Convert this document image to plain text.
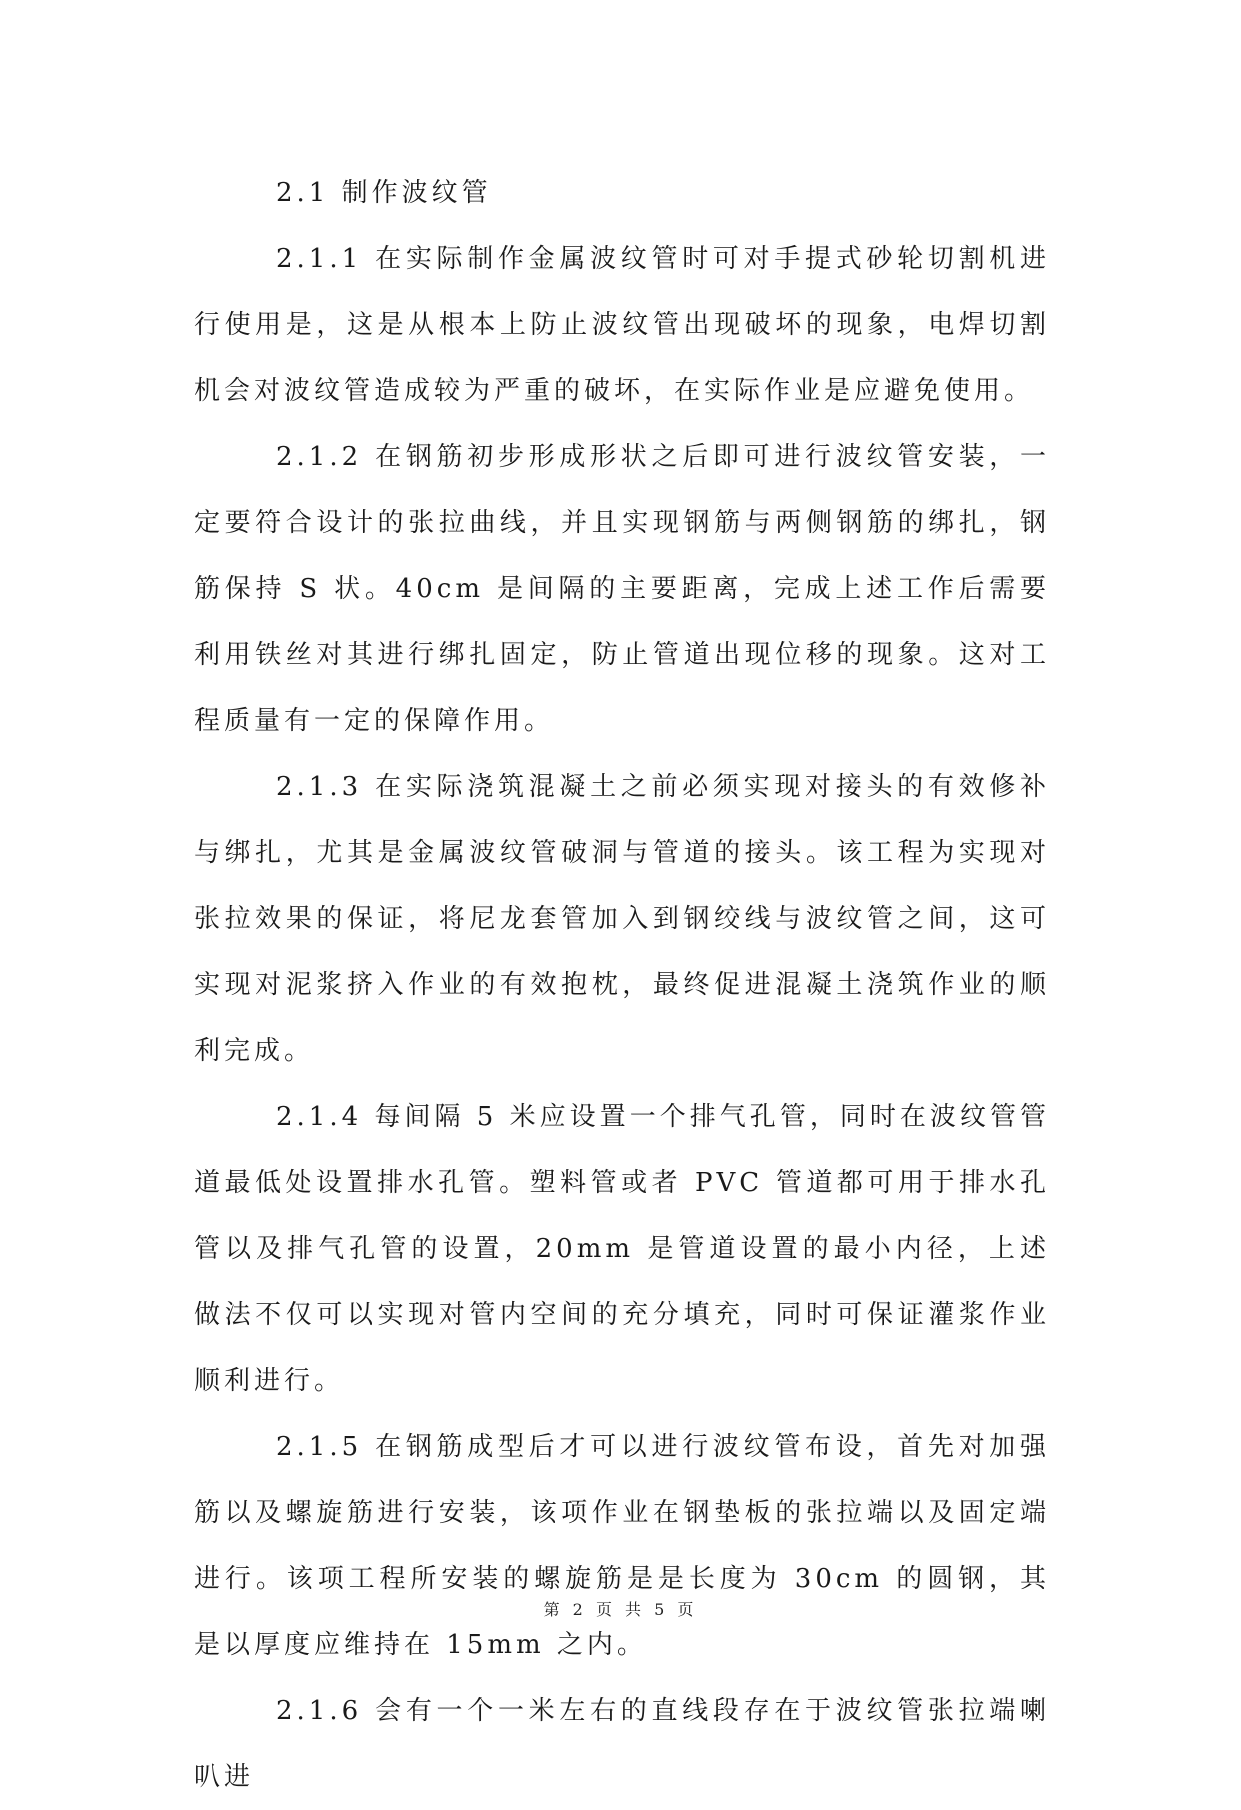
2.1 制作波纹管

2.1.1 在实际制作金属波纹管时可对手提式砂轮切割机进行使用是，这是从根本上防止波纹管出现破坏的现象，电焊切割机会对波纹管造成较为严重的破坏，在实际作业是应避免使用。

2.1.2 在钢筋初步形成形状之后即可进行波纹管安装，一定要符合设计的张拉曲线，并且实现钢筋与两侧钢筋的绑扎，钢筋保持 S 状。40cm 是间隔的主要距离，完成上述工作后需要利用铁丝对其进行绑扎固定，防止管道出现位移的现象。这对工程质量有一定的保障作用。

2.1.3 在实际浇筑混凝土之前必须实现对接头的有效修补与绑扎，尤其是金属波纹管破洞与管道的接头。该工程为实现对张拉效果的保证，将尼龙套管加入到钢绞线与波纹管之间，这可实现对泥浆挤入作业的有效抱枕，最终促进混凝土浇筑作业的顺利完成。

2.1.4 每间隔 5 米应设置一个排气孔管，同时在波纹管管道最低处设置排水孔管。塑料管或者 PVC 管道都可用于排水孔管以及排气孔管的设置，20mm 是管道设置的最小内径，上述做法不仅可以实现对管内空间的充分填充，同时可保证灌浆作业顺利进行。

2.1.5 在钢筋成型后才可以进行波纹管布设，首先对加强筋以及螺旋筋进行安装，该项作业在钢垫板的张拉端以及固定端进行。该项工程所安装的螺旋筋是是长度为 30cm 的圆钢，其是以厚度应维持在 15mm 之内。

2.1.6 会有一个一米左右的直线段存在于波纹管张拉端喇叭进

第 2 页 共 5 页
